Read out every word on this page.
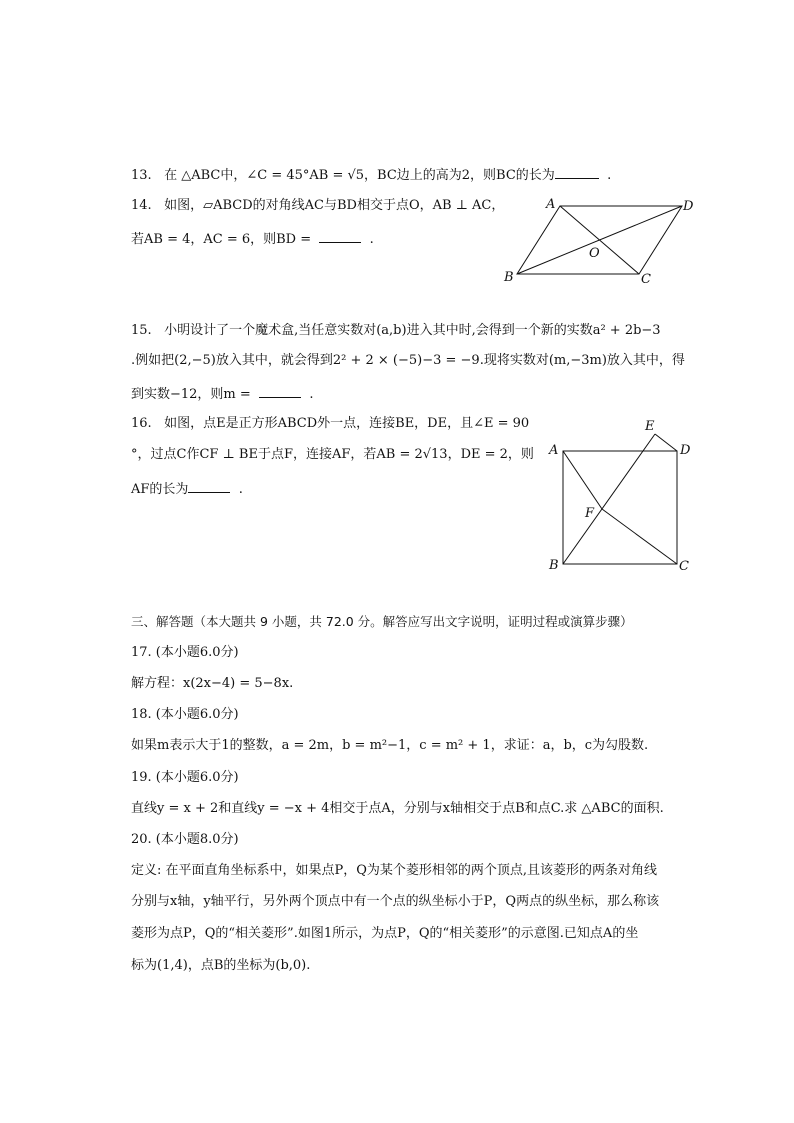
13. 在 △ABC中，∠C = 45°AB = √5，BC边上的高为2，则BC的长为	.
14. 如图，▱ABCD的对角线AC与BD相交于点O，AB ⊥ AC，
若AB = 4，AC = 6，则BD =	.
A	D
O
B	C
15. 小明设计了一个魔术盒,当任意实数对(a,b)进入其中时,会得到一个新的实数a² + 2b−3
.例如把(2,−5)放入其中，就会得到2² + 2 × (−5)−3 = −9.现将实数对(m,−3m)放入其中，得
到实数−12，则m =	.
16. 如图，点E是正方形ABCD外一点，连接BE，DE，且∠E = 90
°，过点C作CF ⊥ BE于点F，连接AF，若AB = 2√13，DE = 2，则
AF的长为	.
E
A	D
F
B	C
三、解答题（本大题共 9 小题，共 72.0 分。解答应写出文字说明，证明过程或演算步骤）
17. (本小题6.0分)
解方程：x(2x−4) = 5−8x.
18. (本小题6.0分)
如果m表示大于1的整数，a = 2m，b = m²−1，c = m² + 1，求证：a，b，c为勾股数.
19. (本小题6.0分)
直线y = x + 2和直线y = −x + 4相交于点A，分别与x轴相交于点B和点C.求 △ABC的面积.
20. (本小题8.0分)
定义: 在平面直角坐标系中，如果点P，Q为某个菱形相邻的两个顶点,且该菱形的两条对角线
分别与x轴，y轴平行，另外两个顶点中有一个点的纵坐标小于P，Q两点的纵坐标，那么称该
菱形为点P，Q的“相关菱形”.如图1所示，为点P，Q的“相关菱形”的示意图.已知点A的坐
标为(1,4)，点B的坐标为(b,0).
